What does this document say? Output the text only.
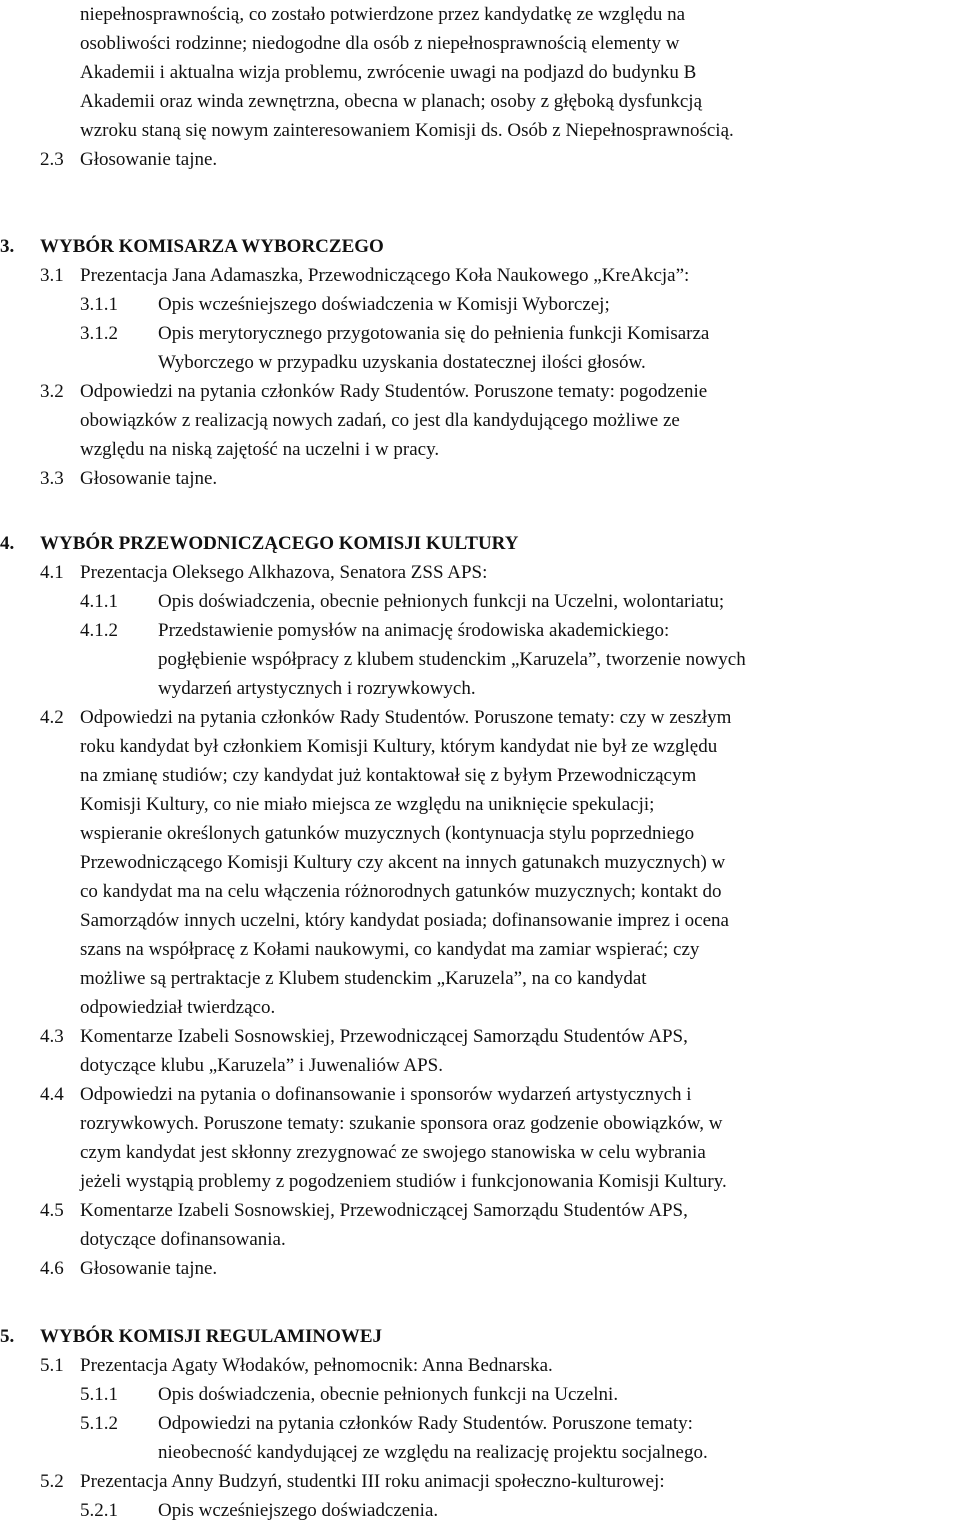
niepełnosprawnością, co zostało potwierdzone przez kandydatkę ze względu na
osobliwości rodzinne; niedogodne dla osób z niepełnosprawnością elementy w
Akademii i aktualna wizja problemu, zwrócenie uwagi na podjazd do budynku B
Akademii oraz winda zewnętrzna, obecna w planach; osoby z głęboką dysfunkcją
wzroku staną się nowym zainteresowaniem Komisji ds. Osób z Niepełnosprawnością.
2.3 Głosowanie tajne.
3. WYBÓR KOMISARZA WYBORCZEGO
3.1 Prezentacja Jana Adamaszka, Przewodniczącego Koła Naukowego „KreAkcja”:
3.1.1 Opis wcześniejszego doświadczenia w Komisji Wyborczej;
3.1.2 Opis merytorycznego przygotowania się do pełnienia funkcji Komisarza
Wyborczego w przypadku uzyskania dostatecznej ilości głosów.
3.2 Odpowiedzi na pytania członków Rady Studentów. Poruszone tematy: pogodzenie
obowiązków z realizacją nowych zadań, co jest dla kandydującego możliwe ze
względu na niską zajętość na uczelni i w pracy.
3.3 Głosowanie tajne.
4. WYBÓR PRZEWODNICZĄCEGO KOMISJI KULTURY
4.1 Prezentacja Oleksego Alkhazova, Senatora ZSS APS:
4.1.1 Opis doświadczenia, obecnie pełnionych funkcji na Uczelni, wolontariatu;
4.1.2 Przedstawienie pomysłów na animację środowiska akademickiego:
pogłębienie współpracy z klubem studenckim „Karuzela”, tworzenie nowych
wydarzeń artystycznych i rozrywkowych.
4.2 Odpowiedzi na pytania członków Rady Studentów. Poruszone tematy: czy w zeszłym
roku kandydat był członkiem Komisji Kultury, którym kandydat nie był ze względu
na zmianę studiów; czy kandydat już kontaktował się z byłym Przewodniczącym
Komisji Kultury, co nie miało miejsca ze względu na uniknięcie spekulacji;
wspieranie określonych gatunków muzycznych (kontynuacja stylu poprzedniego
Przewodniczącego Komisji Kultury czy akcent na innych gatunakch muzycznych) w
co kandydat ma na celu włączenia różnorodnych gatunków muzycznych; kontakt do
Samorządów innych uczelni, który kandydat posiada; dofinansowanie imprez i ocena
szans na współpracę z Kołami naukowymi, co kandydat ma zamiar wspierać; czy
możliwe są pertraktacje z Klubem studenckim „Karuzela”, na co kandydat
odpowiedział twierdząco.
4.3 Komentarze Izabeli Sosnowskiej, Przewodniczącej Samorządu Studentów APS,
dotyczące klubu „Karuzela” i Juwenaliów APS.
4.4 Odpowiedzi na pytania o dofinansowanie i sponsorów wydarzeń artystycznych i
rozrywkowych. Poruszone tematy: szukanie sponsora oraz godzenie obowiązków, w
czym kandydat jest skłonny zrezygnować ze swojego stanowiska w celu wybrania
jeżeli wystąpią problemy z pogodzeniem studiów i funkcjonowania Komisji Kultury.
4.5 Komentarze Izabeli Sosnowskiej, Przewodniczącej Samorządu Studentów APS,
dotyczące dofinansowania.
4.6 Głosowanie tajne.
5. WYBÓR KOMISJI REGULAMINOWEJ
5.1 Prezentacja Agaty Włodaków, pełnomocnik: Anna Bednarska.
5.1.1 Opis doświadczenia, obecnie pełnionych funkcji na Uczelni.
5.1.2 Odpowiedzi na pytania członków Rady Studentów. Poruszone tematy:
nieobecność kandydującej ze względu na realizację projektu socjalnego.
5.2 Prezentacja Anny Budzyń, studentki III roku animacji społeczno-kulturowej:
5.2.1 Opis wcześniejszego doświadczenia.
